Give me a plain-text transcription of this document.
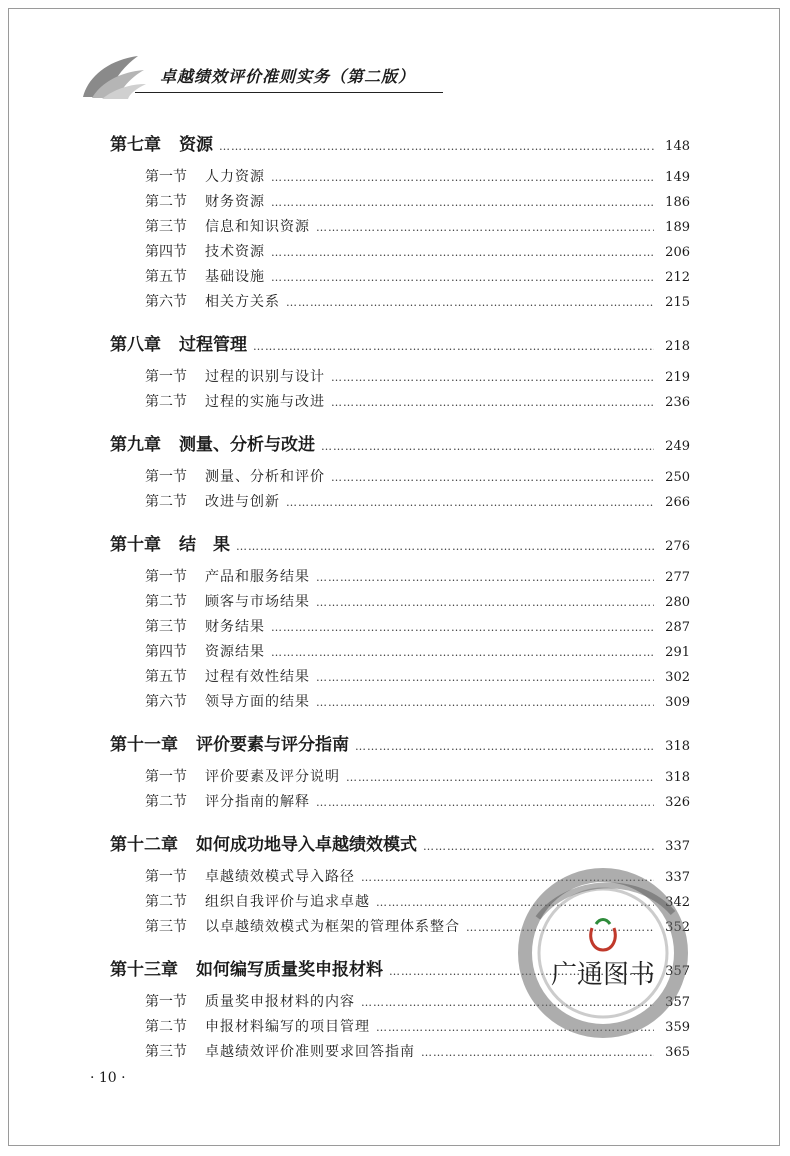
卓越绩效评价准则实务（第二版）
第七章 资源 ……………………………………………………………………………………………………………………………………………………………………………………	148
第一节 人力资源 ……………………………………………………………………………………………………………………………………………………………………………………	149
第二节 财务资源 ……………………………………………………………………………………………………………………………………………………………………………………	186
第三节 信息和知识资源 ……………………………………………………………………………………………………………………………………………………………………………………	189
第四节 技术资源 ……………………………………………………………………………………………………………………………………………………………………………………	206
第五节 基础设施 ……………………………………………………………………………………………………………………………………………………………………………………	212
第六节 相关方关系 ……………………………………………………………………………………………………………………………………………………………………………………	215
第八章 过程管理 ……………………………………………………………………………………………………………………………………………………………………………………	218
第一节 过程的识别与设计 ……………………………………………………………………………………………………………………………………………………………………………………	219
第二节 过程的实施与改进 ……………………………………………………………………………………………………………………………………………………………………………………	236
第九章 测量、分析与改进 ……………………………………………………………………………………………………………………………………………………………………………………	249
第一节 测量、分析和评价 ……………………………………………………………………………………………………………………………………………………………………………………	250
第二节 改进与创新 ……………………………………………………………………………………………………………………………………………………………………………………	266
第十章 结　果 ……………………………………………………………………………………………………………………………………………………………………………………	276
第一节 产品和服务结果 ……………………………………………………………………………………………………………………………………………………………………………………	277
第二节 顾客与市场结果 ……………………………………………………………………………………………………………………………………………………………………………………	280
第三节 财务结果 ……………………………………………………………………………………………………………………………………………………………………………………	287
第四节 资源结果 ……………………………………………………………………………………………………………………………………………………………………………………	291
第五节 过程有效性结果 ……………………………………………………………………………………………………………………………………………………………………………………	302
第六节 领导方面的结果 ……………………………………………………………………………………………………………………………………………………………………………………	309
第十一章 评价要素与评分指南 ……………………………………………………………………………………………………………………………………………………………………………………	318
第一节 评价要素及评分说明 ……………………………………………………………………………………………………………………………………………………………………………………	318
第二节 评分指南的解释 ……………………………………………………………………………………………………………………………………………………………………………………	326
第十二章 如何成功地导入卓越绩效模式 ……………………………………………………………………………………………………………………………………………………………………………………	337
第一节 卓越绩效模式导入路径 ……………………………………………………………………………………………………………………………………………………………………………………	337
第二节 组织自我评价与追求卓越 ……………………………………………………………………………………………………………………………………………………………………………………	342
第三节 以卓越绩效模式为框架的管理体系整合 ……………………………………………………………………………………………………………………………………………………………………………………	352
第十三章 如何编写质量奖申报材料 ……………………………………………………………………………………………………………………………………………………………………………………	357
第一节 质量奖申报材料的内容 ……………………………………………………………………………………………………………………………………………………………………………………	357
第二节 申报材料编写的项目管理 ……………………………………………………………………………………………………………………………………………………………………………………	359
第三节 卓越绩效评价准则要求回答指南 ……………………………………………………………………………………………………………………………………………………………………………………	365
广通图书
· 10 ·
